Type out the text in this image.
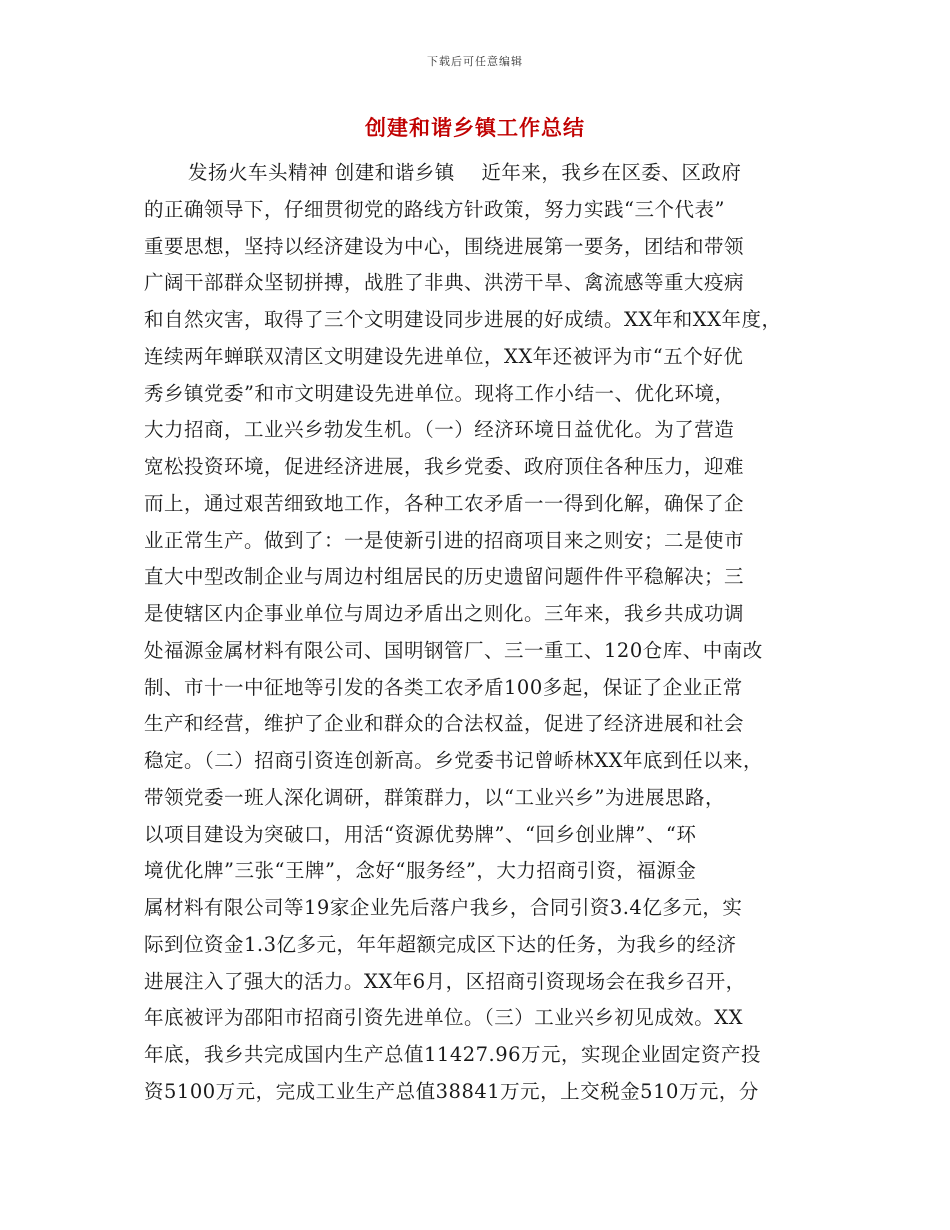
下载后可任意编辑
创建和谐乡镇工作总结
发扬火车头精神 创建和谐乡镇　 近年来，我乡在区委、区政府
的正确领导下，仔细贯彻党的路线方针政策，努力实践“三个代表”
重要思想，坚持以经济建设为中心，围绕进展第一要务，团结和带领
广阔干部群众坚韧拼搏，战胜了非典、洪涝干旱、禽流感等重大疫病
和自然灾害，取得了三个文明建设同步进展的好成绩。XX年和XX年度，
连续两年蝉联双清区文明建设先进单位，XX年还被评为市“五个好优
秀乡镇党委”和市文明建设先进单位。现将工作小结一、优化环境，
大力招商，工业兴乡勃发生机。（一）经济环境日益优化。为了营造
宽松投资环境，促进经济进展，我乡党委、政府顶住各种压力，迎难
而上，通过艰苦细致地工作，各种工农矛盾一一得到化解，确保了企
业正常生产。做到了：一是使新引进的招商项目来之则安；二是使市
直大中型改制企业与周边村组居民的历史遗留问题件件平稳解决；三
是使辖区内企事业单位与周边矛盾出之则化。三年来，我乡共成功调
处福源金属材料有限公司、国明钢管厂、三一重工、120仓库、中南改
制、市十一中征地等引发的各类工农矛盾100多起，保证了企业正常
生产和经营，维护了企业和群众的合法权益，促进了经济进展和社会
稳定。（二）招商引资连创新高。乡党委书记曾峤林XX年底到任以来，
带领党委一班人深化调研，群策群力，以“工业兴乡”为进展思路，
以项目建设为突破口，用活“资源优势牌”、“回乡创业牌”、“环
境优化牌”三张“王牌”，念好“服务经”，大力招商引资，福源金
属材料有限公司等19家企业先后落户我乡，合同引资3.4亿多元，实
际到位资金1.3亿多元，年年超额完成区下达的任务，为我乡的经济
进展注入了强大的活力。XX年6月，区招商引资现场会在我乡召开，
年底被评为邵阳市招商引资先进单位。（三）工业兴乡初见成效。XX
年底，我乡共完成国内生产总值11427.96万元，实现企业固定资产投
资5100万元，完成工业生产总值38841万元，上交税金510万元，分
